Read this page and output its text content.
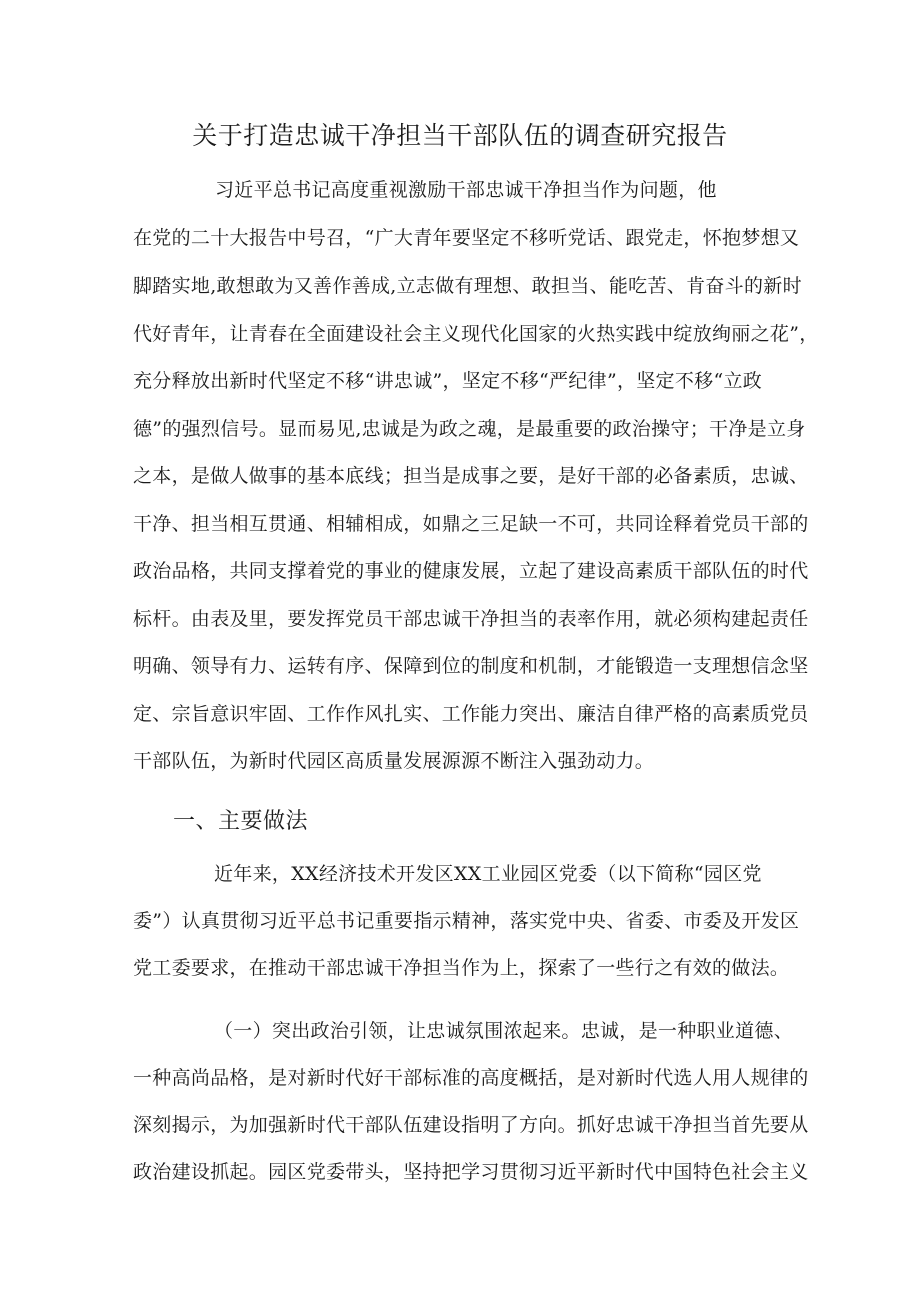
关于打造忠诚干净担当干部队伍的调查研究报告
习近平总书记高度重视激励干部忠诚干净担当作为问题，他
在党的二十大报告中号召，“广大青年要坚定不移听党话、跟党走，怀抱梦想又
脚踏实地,敢想敢为又善作善成,立志做有理想、敢担当、能吃苦、肯奋斗的新时
代好青年，让青春在全面建设社会主义现代化国家的火热实践中绽放绚丽之花”，
充分释放出新时代坚定不移“讲忠诚”，坚定不移“严纪律”，坚定不移“立政
德”的强烈信号。显而易见,忠诚是为政之魂，是最重要的政治操守；干净是立身
之本，是做人做事的基本底线；担当是成事之要，是好干部的必备素质，忠诚、
干净、担当相互贯通、相辅相成，如鼎之三足缺一不可，共同诠释着党员干部的
政治品格，共同支撑着党的事业的健康发展，立起了建设高素质干部队伍的时代
标杆。由表及里，要发挥党员干部忠诚干净担当的表率作用，就必须构建起责任
明确、领导有力、运转有序、保障到位的制度和机制，才能锻造一支理想信念坚
定、宗旨意识牢固、工作作风扎实、工作能力突出、廉洁自律严格的高素质党员
干部队伍，为新时代园区高质量发展源源不断注入强劲动力。
一、主要做法
近年来，XX经济技术开发区XX工业园区党委（以下简称“园区党
委”）认真贯彻习近平总书记重要指示精神，落实党中央、省委、市委及开发区
党工委要求，在推动干部忠诚干净担当作为上，探索了一些行之有效的做法。
（一）突出政治引领，让忠诚氛围浓起来。忠诚，是一种职业道德、
一种高尚品格，是对新时代好干部标准的高度概括，是对新时代选人用人规律的
深刻揭示，为加强新时代干部队伍建设指明了方向。抓好忠诚干净担当首先要从
政治建设抓起。园区党委带头，坚持把学习贯彻习近平新时代中国特色社会主义
